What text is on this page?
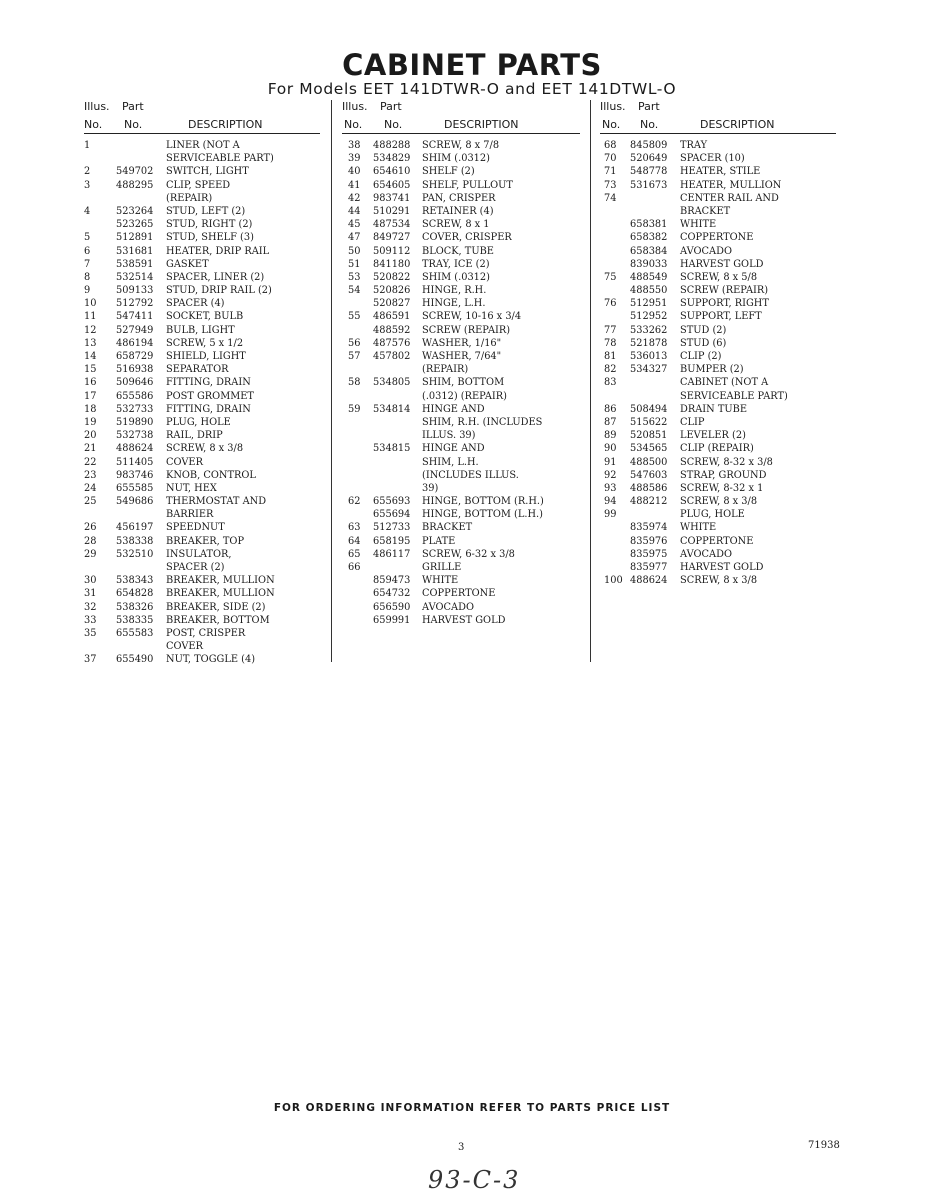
CABINET PARTS
For Models EET 141DTWR-O and EET 141DTWL-O
Illus. Part
No. No.	DESCRIPTION
1	LINER (NOT A
SERVICEABLE PART)
2	549702 SWITCH, LIGHT
3	488295 CLIP, SPEED
(REPAIR)
4	523264 STUD, LEFT (2)
523265 STUD, RIGHT (2)
5	512891 STUD, SHELF (3)
6	531681 HEATER, DRIP RAIL
7	538591 GASKET
8	532514 SPACER, LINER (2)
9	509133 STUD, DRIP RAIL (2)
10 512792 SPACER (4)
11 547411 SOCKET, BULB
12 527949 BULB, LIGHT
13 486194 SCREW, 5 x 1/2
14 658729 SHIELD, LIGHT
15 516938 SEPARATOR
16 509646 FITTING, DRAIN
17 655586 POST GROMMET
18 532733 FITTING, DRAIN
19 519890 PLUG, HOLE
20 532738 RAIL, DRIP
21 488624 SCREW, 8 x 3/8
22 511405 COVER
23 983746 KNOB, CONTROL
24 655585 NUT, HEX
25 549686 THERMOSTAT AND
BARRIER
26 456197 SPEEDNUT
28 538338 BREAKER, TOP
29 532510 INSULATOR,
SPACER (2)
30 538343 BREAKER, MULLION
31 654828 BREAKER, MULLION
32 538326 BREAKER, SIDE (2)
33 538335 BREAKER, BOTTOM
35 655583 POST, CRISPER
COVER
37 655490 NUT, TOGGLE (4)
Illus. Part
No. No.	DESCRIPTION
38 488288 SCREW, 8 x 7/8
39 534829 SHIM (.0312)
40 654610 SHELF (2)
41 654605 SHELF, PULLOUT
42 983741 PAN, CRISPER
44 510291 RETAINER (4)
45 487534 SCREW, 8 x 1
47 849727 COVER, CRISPER
50 509112 BLOCK, TUBE
51 841180 TRAY, ICE (2)
53 520822 SHIM (.0312)
54 520826 HINGE, R.H.
520827 HINGE, L.H.
55 486591 SCREW, 10-16 x 3/4
488592 SCREW (REPAIR)
56 487576 WASHER, 1/16"
57 457802 WASHER, 7/64"
(REPAIR)
58 534805 SHIM, BOTTOM
(.0312) (REPAIR)
59 534814 HINGE AND
SHIM, R.H. (INCLUDES
ILLUS. 39)
534815 HINGE AND
SHIM, L.H.
(INCLUDES ILLUS.
39)
62 655693 HINGE, BOTTOM (R.H.)
655694 HINGE, BOTTOM (L.H.)
63 512733 BRACKET
64 658195 PLATE
65 486117 SCREW, 6-32 x 3/8
66	GRILLE
859473 WHITE
654732 COPPERTONE
656590 AVOCADO
659991 HARVEST GOLD
Illus. Part
No. No.	DESCRIPTION
68 845809 TRAY
70 520649 SPACER (10)
71 548778 HEATER, STILE
73 531673 HEATER, MULLION
74	CENTER RAIL AND
BRACKET
658381 WHITE
658382 COPPERTONE
658384 AVOCADO
839033 HARVEST GOLD
75 488549 SCREW, 8 x 5/8
488550 SCREW (REPAIR)
76 512951 SUPPORT, RIGHT
512952 SUPPORT, LEFT
77 533262 STUD (2)
78 521878 STUD (6)
81 536013 CLIP (2)
82 534327 BUMPER (2)
83	CABINET (NOT A
SERVICEABLE PART)
86 508494 DRAIN TUBE
87 515622 CLIP
89 520851 LEVELER (2)
90 534565 CLIP (REPAIR)
91 488500 SCREW, 8-32 x 3/8
92 547603 STRAP, GROUND
93 488586 SCREW, 8-32 x 1
94 488212 SCREW, 8 x 3/8
99	PLUG, HOLE
835974 WHITE
835976 COPPERTONE
835975 AVOCADO
835977 HARVEST GOLD
100 488624 SCREW, 8 x 3/8
FOR ORDERING INFORMATION REFER TO PARTS PRICE LIST
3	71938
93-C-3
